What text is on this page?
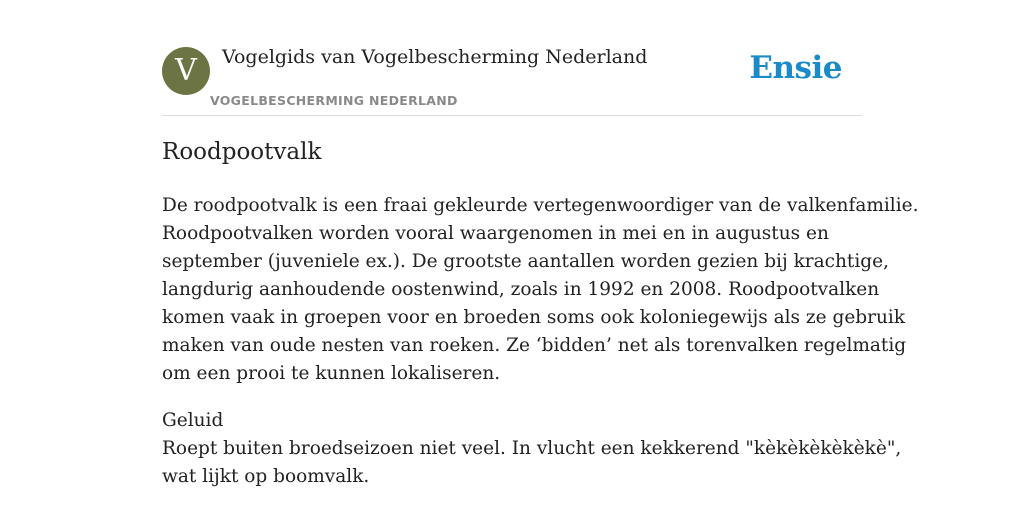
V	Vogelgids van Vogelbescherming Nederland
VOGELBESCHERMING NEDERLAND
Ensie
Roodpootvalk
De roodpootvalk is een fraai gekleurde vertegenwoordiger van de valkenfamilie.
Roodpootvalken worden vooral waargenomen in mei en in augustus en
september (juveniele ex.). De grootste aantallen worden gezien bij krachtige,
langdurig aanhoudende oostenwind, zoals in 1992 en 2008. Roodpootvalken
komen vaak in groepen voor en broeden soms ook koloniegewijs als ze gebruik
maken van oude nesten van roeken. Ze ‘bidden’ net als torenvalken regelmatig
om een prooi te kunnen lokaliseren.
Geluid
Roept buiten broedseizoen niet veel. In vlucht een kekkerend "kèkèkèkèkèkè",
wat lijkt op boomvalk.
